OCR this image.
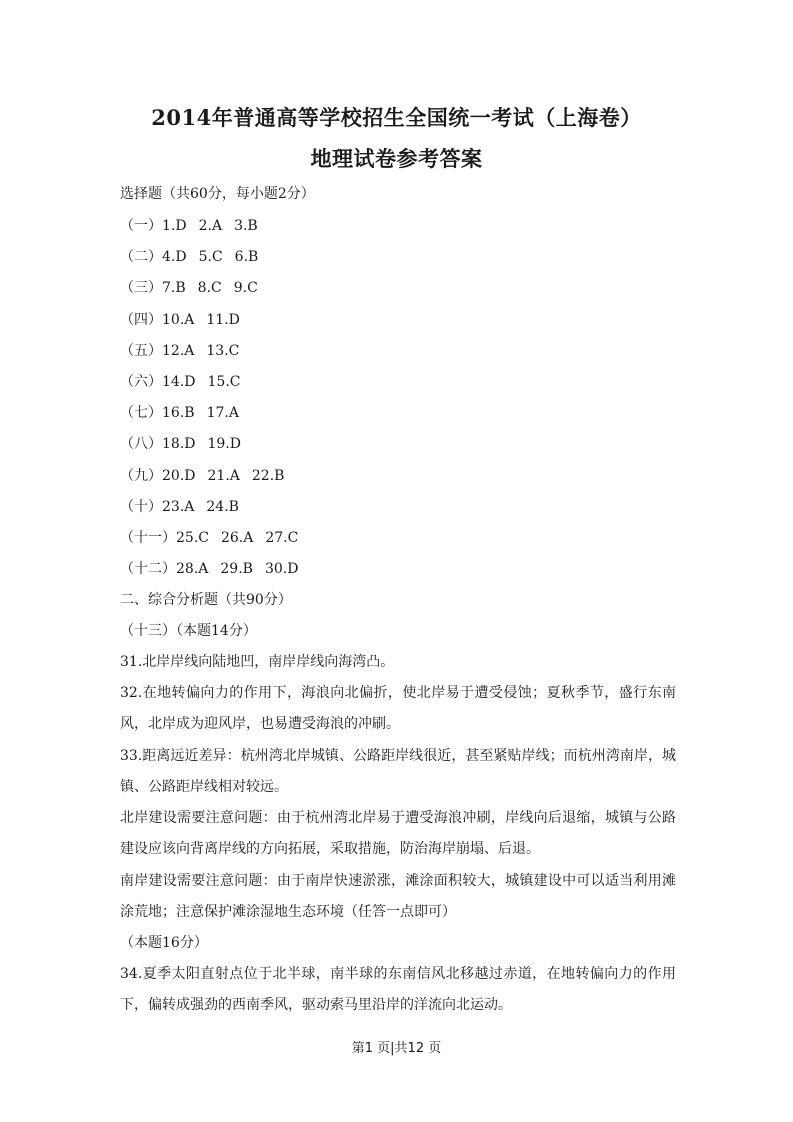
2014年普通高等学校招生全国统一考试（上海卷）
地理试卷参考答案
选择题（共60分，每小题2分）
（一）1.D 2.A 3.B
（二）4.D 5.C 6.B
（三）7.B 8.C 9.C
（四）10.A 11.D
（五）12.A 13.C
（六）14.D 15.C
（七）16.B 17.A
（八）18.D 19.D
（九）20.D 21.A 22.B
（十）23.A 24.B
（十一）25.C 26.A 27.C
（十二）28.A 29.B 30.D
二、综合分析题（共90分）
（十三）（本题14分）
31.北岸岸线向陆地凹，南岸岸线向海湾凸。
32.在地转偏向力的作用下，海浪向北偏折，使北岸易于遭受侵蚀；夏秋季节，盛行东南风，北岸成为迎风岸，也易遭受海浪的冲刷。
33.距离远近差异：杭州湾北岸城镇、公路距岸线很近，甚至紧贴岸线；而杭州湾南岸，城镇、公路距岸线相对较远。
北岸建设需要注意问题：由于杭州湾北岸易于遭受海浪冲刷，岸线向后退缩，城镇与公路建设应该向背离岸线的方向拓展，采取措施，防治海岸崩塌、后退。
南岸建设需要注意问题：由于南岸快速淤涨，滩涂面积较大，城镇建设中可以适当利用滩涂荒地；注意保护滩涂湿地生态环境（任答一点即可）
（本题16分）
34.夏季太阳直射点位于北半球，南半球的东南信风北移越过赤道，在地转偏向力的作用下，偏转成强劲的西南季风，驱动索马里沿岸的洋流向北运动。
第1 页|共12 页
